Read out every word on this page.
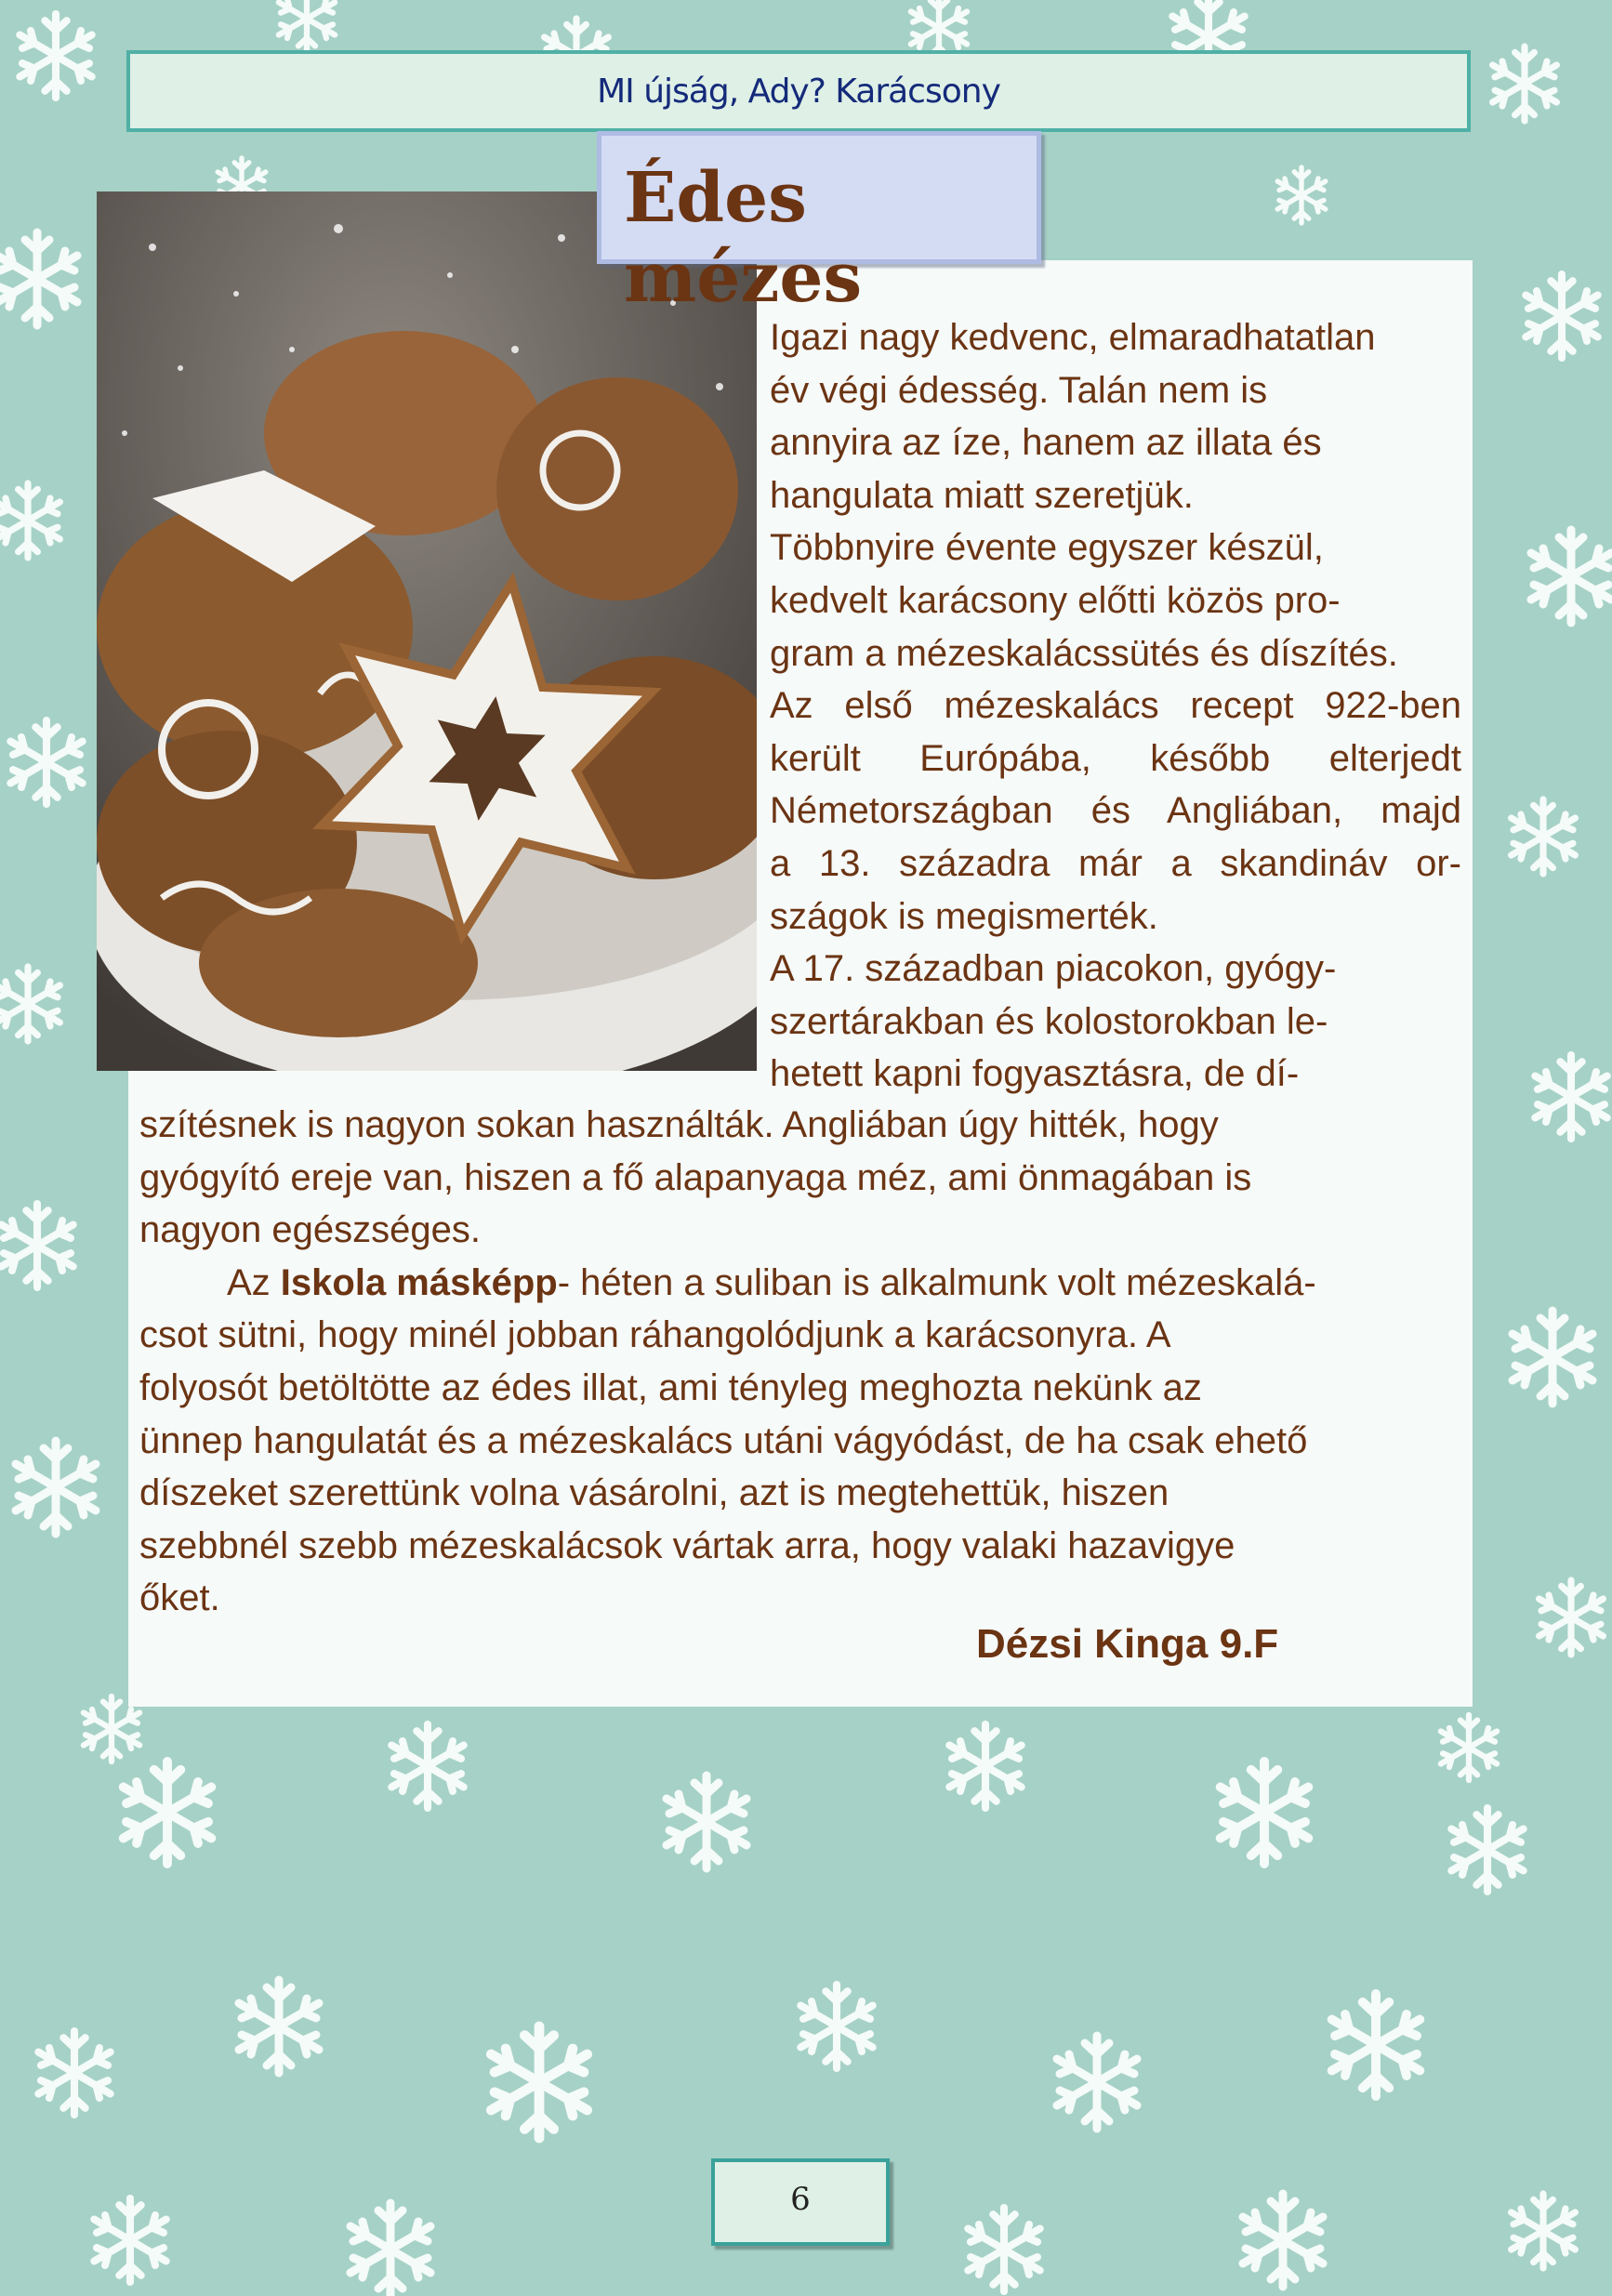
MI újság, Ady? Karácsony
Édes mézes
Igazi nagy kedvenc, elmaradhatatlan
év végi édesség. Talán nem is
annyira az íze, hanem az illata és
hangulata miatt szeretjük.
Többnyire évente egyszer készül,
kedvelt karácsony előtti közös pro-
gram a mézeskalácssütés és díszítés.
Az első mézeskalács recept 922-ben
került Európába, később elterjedt
Németországban és Angliában, majd
a 13. századra már a skandináv or-
szágok is megismerték.
A 17. században piacokon, gyógy-
szertárakban és kolostorokban le-
hetett kapni fogyasztásra, de dí-
szítésnek is nagyon sokan használták. Angliában úgy hitték, hogy
gyógyító ereje van, hiszen a fő alapanyaga méz, ami önmagában is
nagyon egészséges.
Az Iskola másképp- héten a suliban is alkalmunk volt mézeskalá-
csot sütni, hogy minél jobban ráhangolódjunk a karácsonyra. A
folyosót betöltötte az édes illat, ami tényleg meghozta nekünk az
ünnep hangulatát és a mézeskalács utáni vágyódást, de ha csak ehető
díszeket szerettünk volna vásárolni, azt is megtehettük, hiszen
szebbnél szebb mézeskalácsok vártak arra, hogy valaki hazavigye
őket.
Dézsi Kinga 9.F
6
